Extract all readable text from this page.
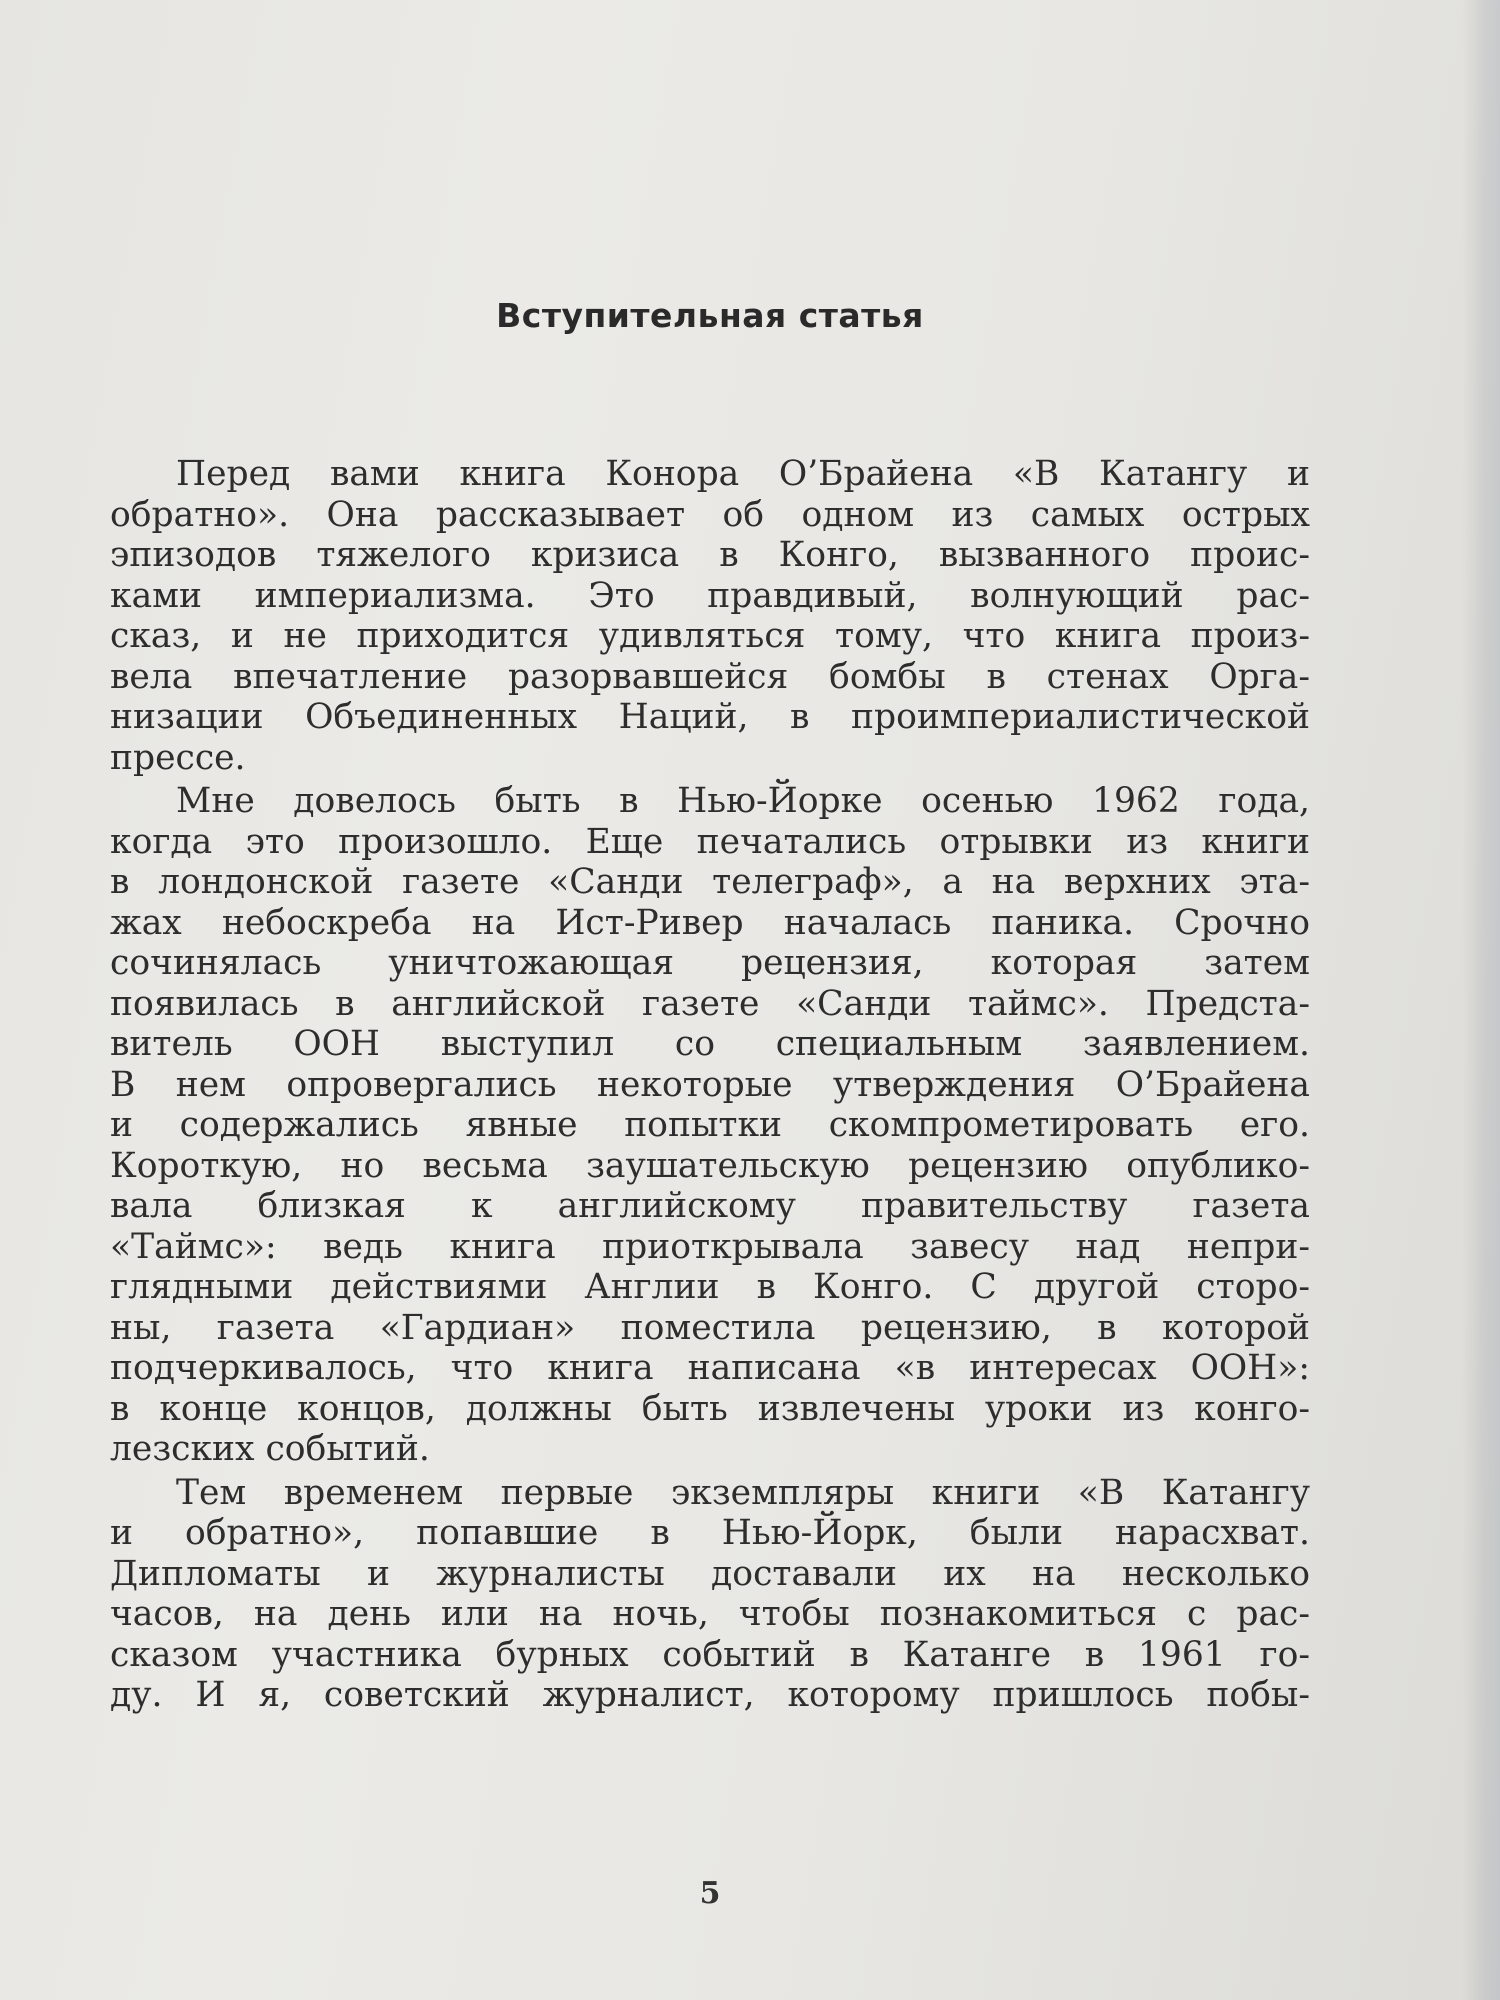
Вступительная статья
Перед вами книга Конора О’Брайена «В Катангу и
обратно». Она рассказывает об одном из самых острых
эпизодов тяжелого кризиса в Конго, вызванного проис-
ками империализма. Это правдивый, волнующий рас-
сказ, и не приходится удивляться тому, что книга произ-
вела впечатление разорвавшейся бомбы в стенах Орга-
низации Объединенных Наций, в проимпериалистической
прессе.
Мне довелось быть в Нью-Йорке осенью 1962 года,
когда это произошло. Еще печатались отрывки из книги
в лондонской газете «Санди телеграф», а на верхних эта-
жах небоскреба на Ист-Ривер началась паника. Срочно
сочинялась уничтожающая рецензия, которая затем
появилась в английской газете «Санди таймс». Предста-
витель ООН выступил со специальным заявлением.
В нем опровергались некоторые утверждения О’Брайена
и содержались явные попытки скомпрометировать его.
Короткую, но весьма заушательскую рецензию опублико-
вала близкая к английскому правительству газета
«Таймс»: ведь книга приоткрывала завесу над непри-
глядными действиями Англии в Конго. С другой сторо-
ны, газета «Гардиан» поместила рецензию, в которой
подчеркивалось, что книга написана «в интересах ООН»:
в конце концов, должны быть извлечены уроки из конго-
лезских событий.
Тем временем первые экземпляры книги «В Катангу
и обратно», попавшие в Нью-Йорк, были нарасхват.
Дипломаты и журналисты доставали их на несколько
часов, на день или на ночь, чтобы познакомиться с рас-
сказом участника бурных событий в Катанге в 1961 го-
ду. И я, советский журналист, которому пришлось побы-
5
